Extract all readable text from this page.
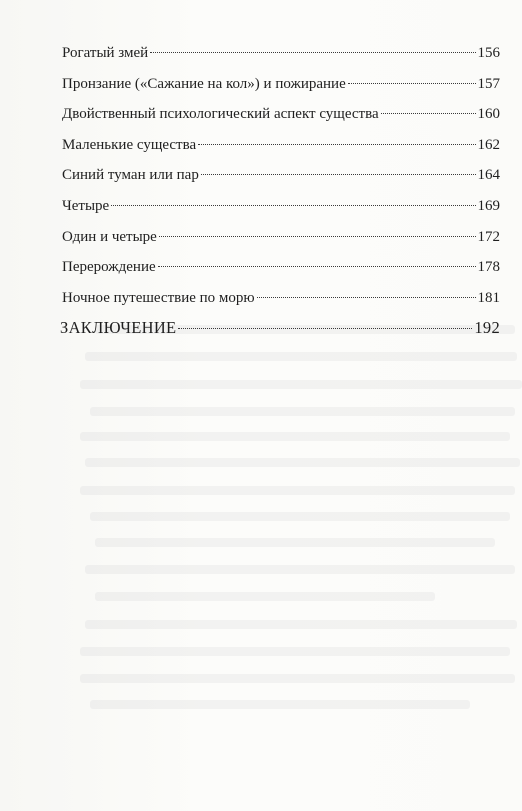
Рогатый змей	156
Пронзание («Сажание на кол») и пожирание	157
Двойственный психологический аспект существа	160
Маленькие существа	162
Синий туман или пар	164
Четыре	169
Один и четыре	172
Перерождение	178
Ночное путешествие по морю	181
ЗАКЛЮЧЕНИЕ	192
